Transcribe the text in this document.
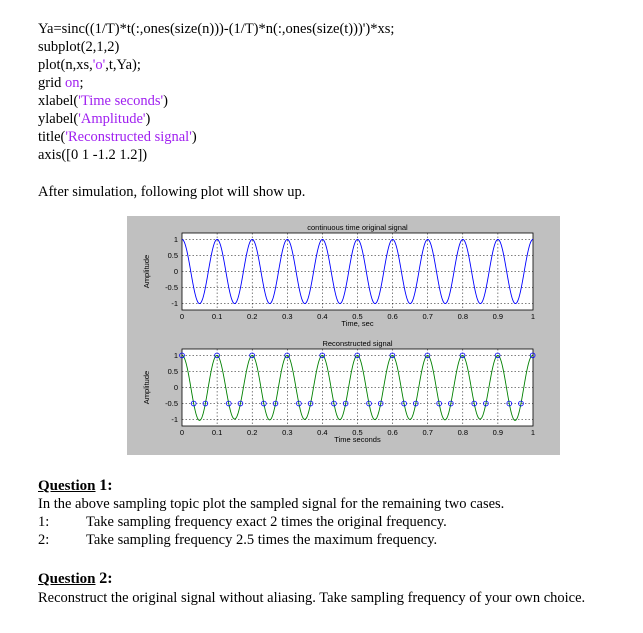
Ya=sinc((1/T)*t(:,ones(size(n)))-(1/T)*n(:,ones(size(t)))')*xs;
subplot(2,1,2)
plot(n,xs,'o',t,Ya);
grid on;
xlabel('Time seconds')
ylabel('Amplitude')
title('Reconstructed signal')
axis([0 1 -1.2 1.2])
After simulation, following plot will show up.
0	0.1	0.2	0.3	0.4	0.5	0.6	0.7	0.8	0.9	1
1
0.5
0
-0.5
-1
continuous time original signal
Time, sec
Amplitude
0	0.1	0.2	0.3	0.4	0.5	0.6	0.7	0.8	0.9	1
1
0.5
0
-0.5
-1
Reconstructed signal
Time seconds
Amplitude
Question 1:
In the above sampling topic plot the sampled signal for the remaining two cases.
1:	Take sampling frequency exact 2 times the original frequency.
2:	Take sampling frequency 2.5 times the maximum frequency.
Question 2:
Reconstruct the original signal without aliasing. Take sampling frequency of your own choice.
